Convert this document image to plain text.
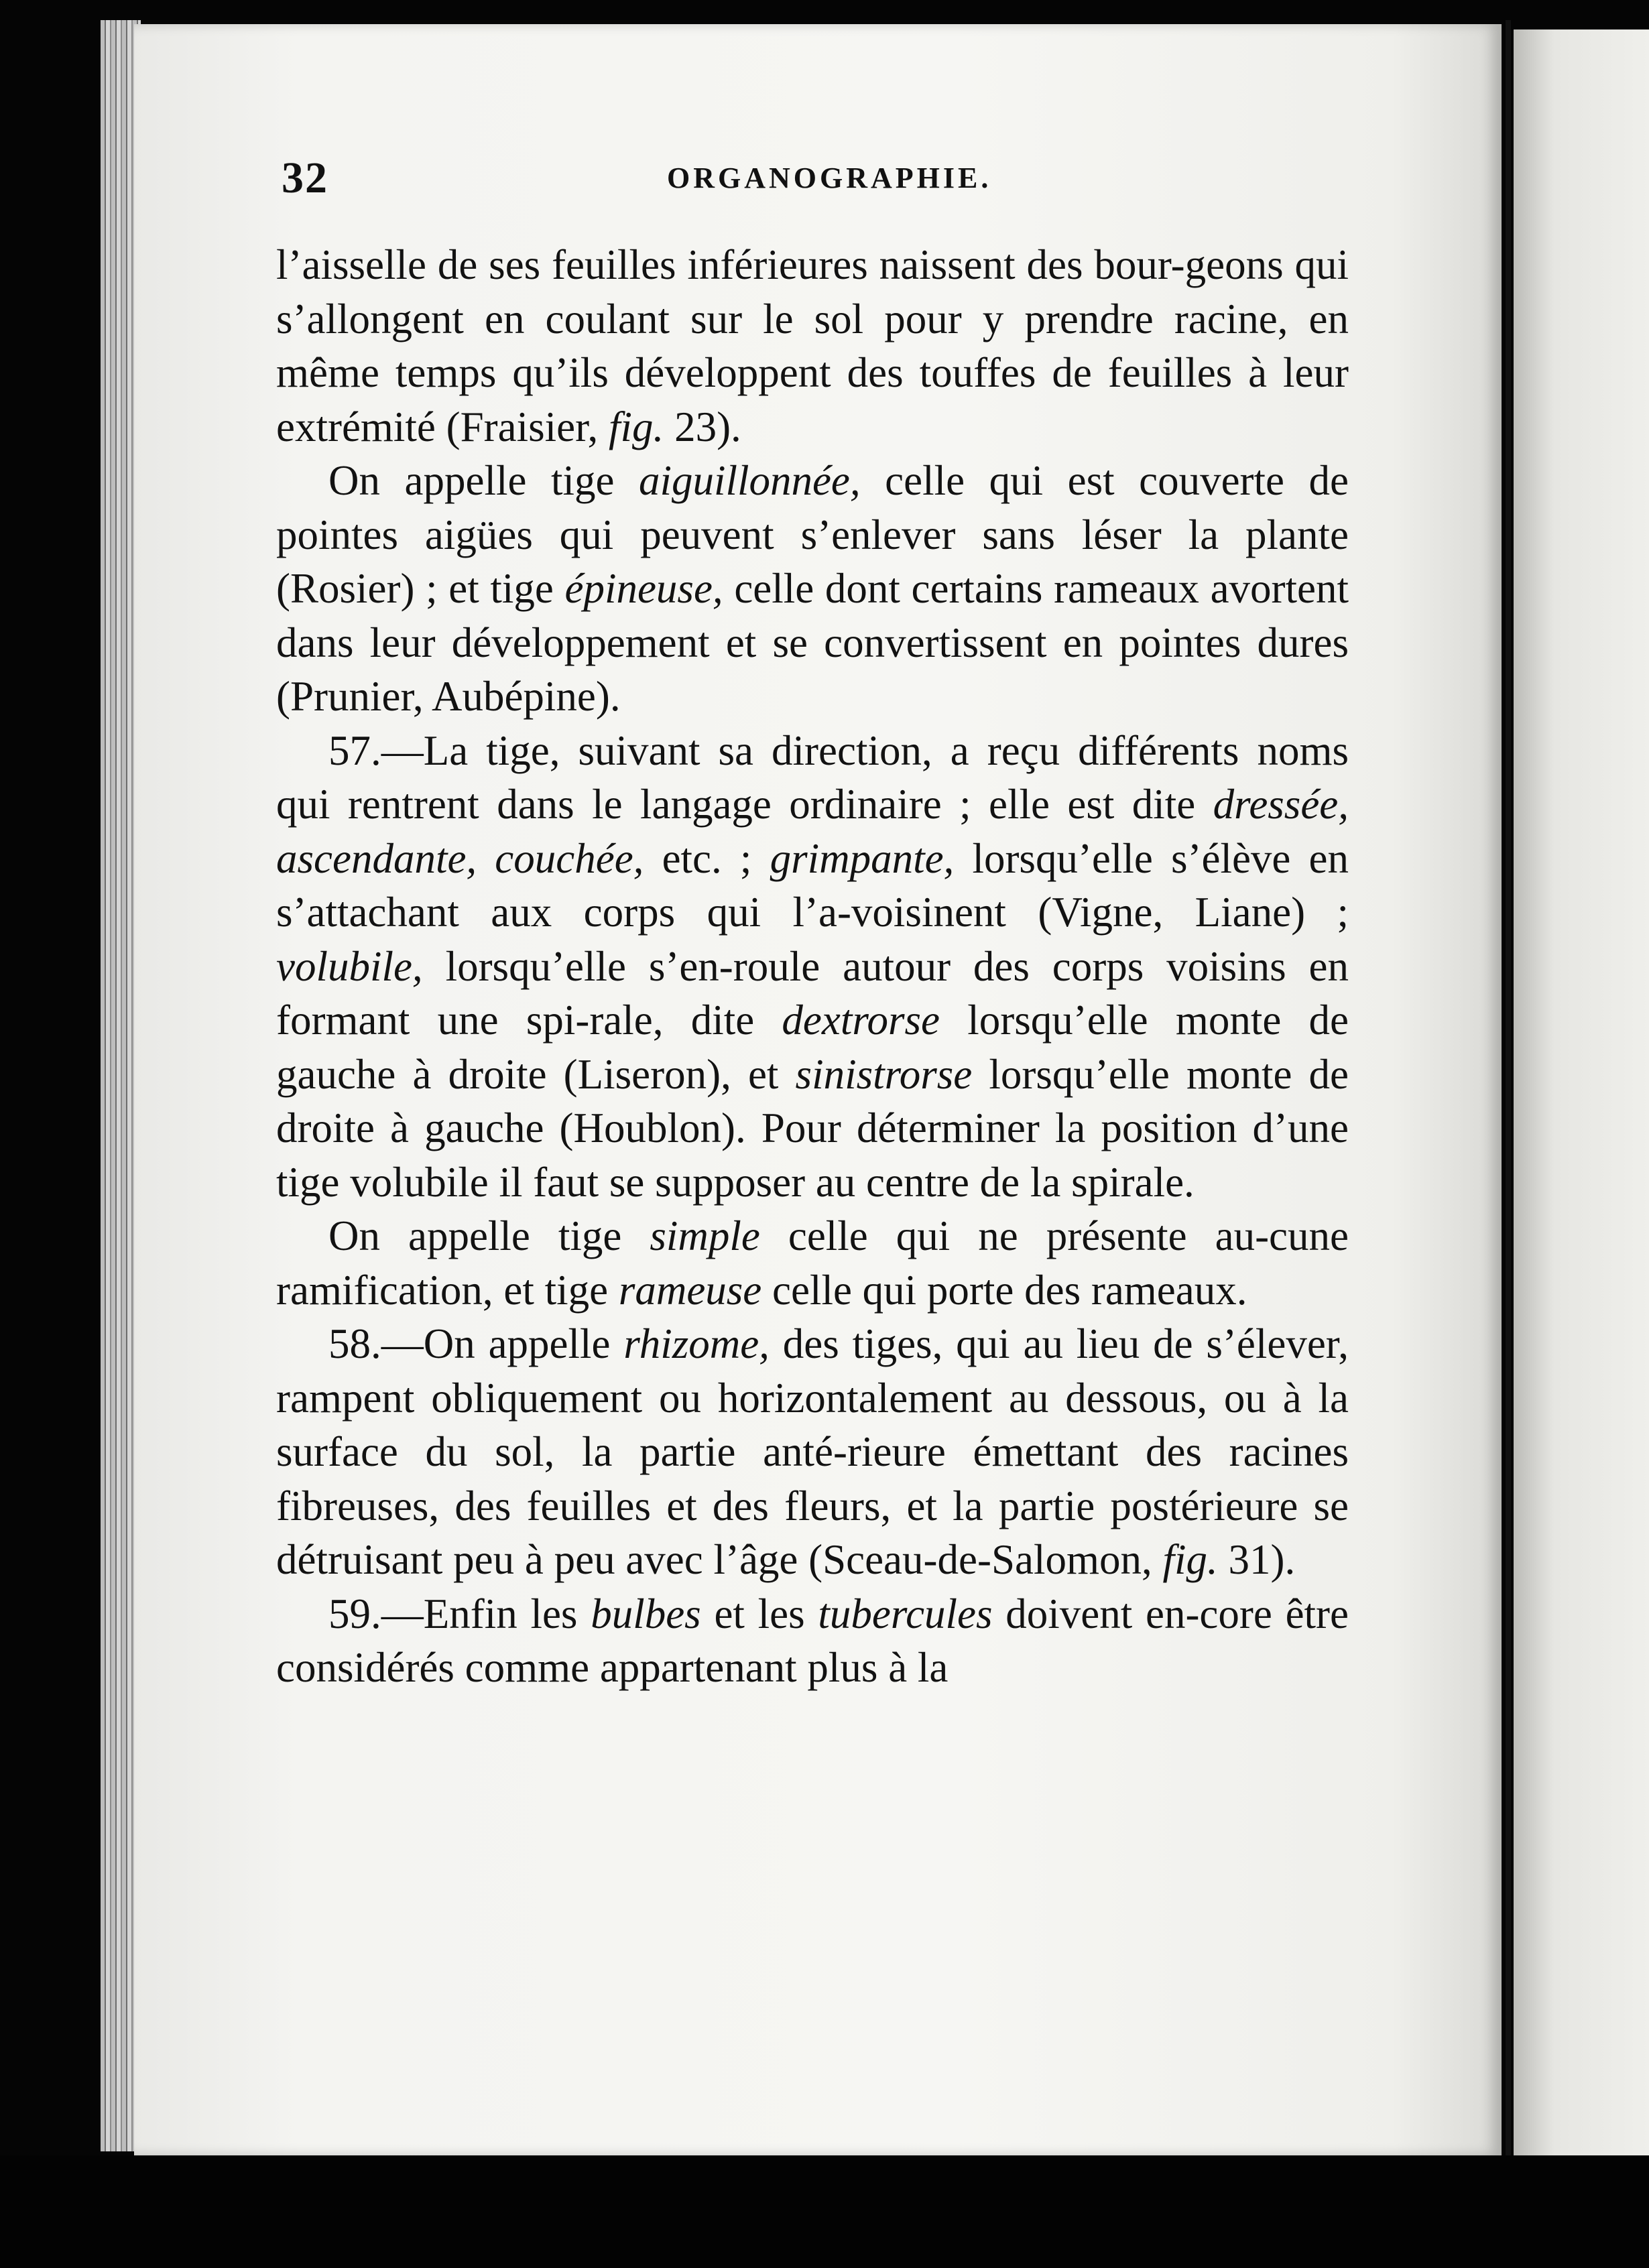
32	ORGANOGRAPHIE.

l’aisselle de ses feuilles inférieures naissent des bour-geons qui s’allongent en coulant sur le sol pour y prendre racine, en même temps qu’ils développent des touffes de feuilles à leur extrémité (Fraisier, fig. 23).

On appelle tige aiguillonnée, celle qui est couverte de pointes aigües qui peuvent s’enlever sans léser la plante (Rosier) ; et tige épineuse, celle dont certains rameaux avortent dans leur développement et se convertissent en pointes dures (Prunier, Aubépine).

57.—La tige, suivant sa direction, a reçu différents noms qui rentrent dans le langage ordinaire ; elle est dite dressée, ascendante, couchée, etc. ; grimpante, lorsqu’elle s’élève en s’attachant aux corps qui l’a-voisinent (Vigne, Liane) ; volubile, lorsqu’elle s’en-roule autour des corps voisins en formant une spi-rale, dite dextrorse lorsqu’elle monte de gauche à droite (Liseron), et sinistrorse lorsqu’elle monte de droite à gauche (Houblon). Pour déterminer la position d’une tige volubile il faut se supposer au centre de la spirale.

On appelle tige simple celle qui ne présente au-cune ramification, et tige rameuse celle qui porte des rameaux.

58.—On appelle rhizome, des tiges, qui au lieu de s’élever, rampent obliquement ou horizontalement au dessous, ou à la surface du sol, la partie anté-rieure émettant des racines fibreuses, des feuilles et des fleurs, et la partie postérieure se détruisant peu à peu avec l’âge (Sceau-de-Salomon, fig. 31).

59.—Enfin les bulbes et les tubercules doivent en-core être considérés comme appartenant plus à la
